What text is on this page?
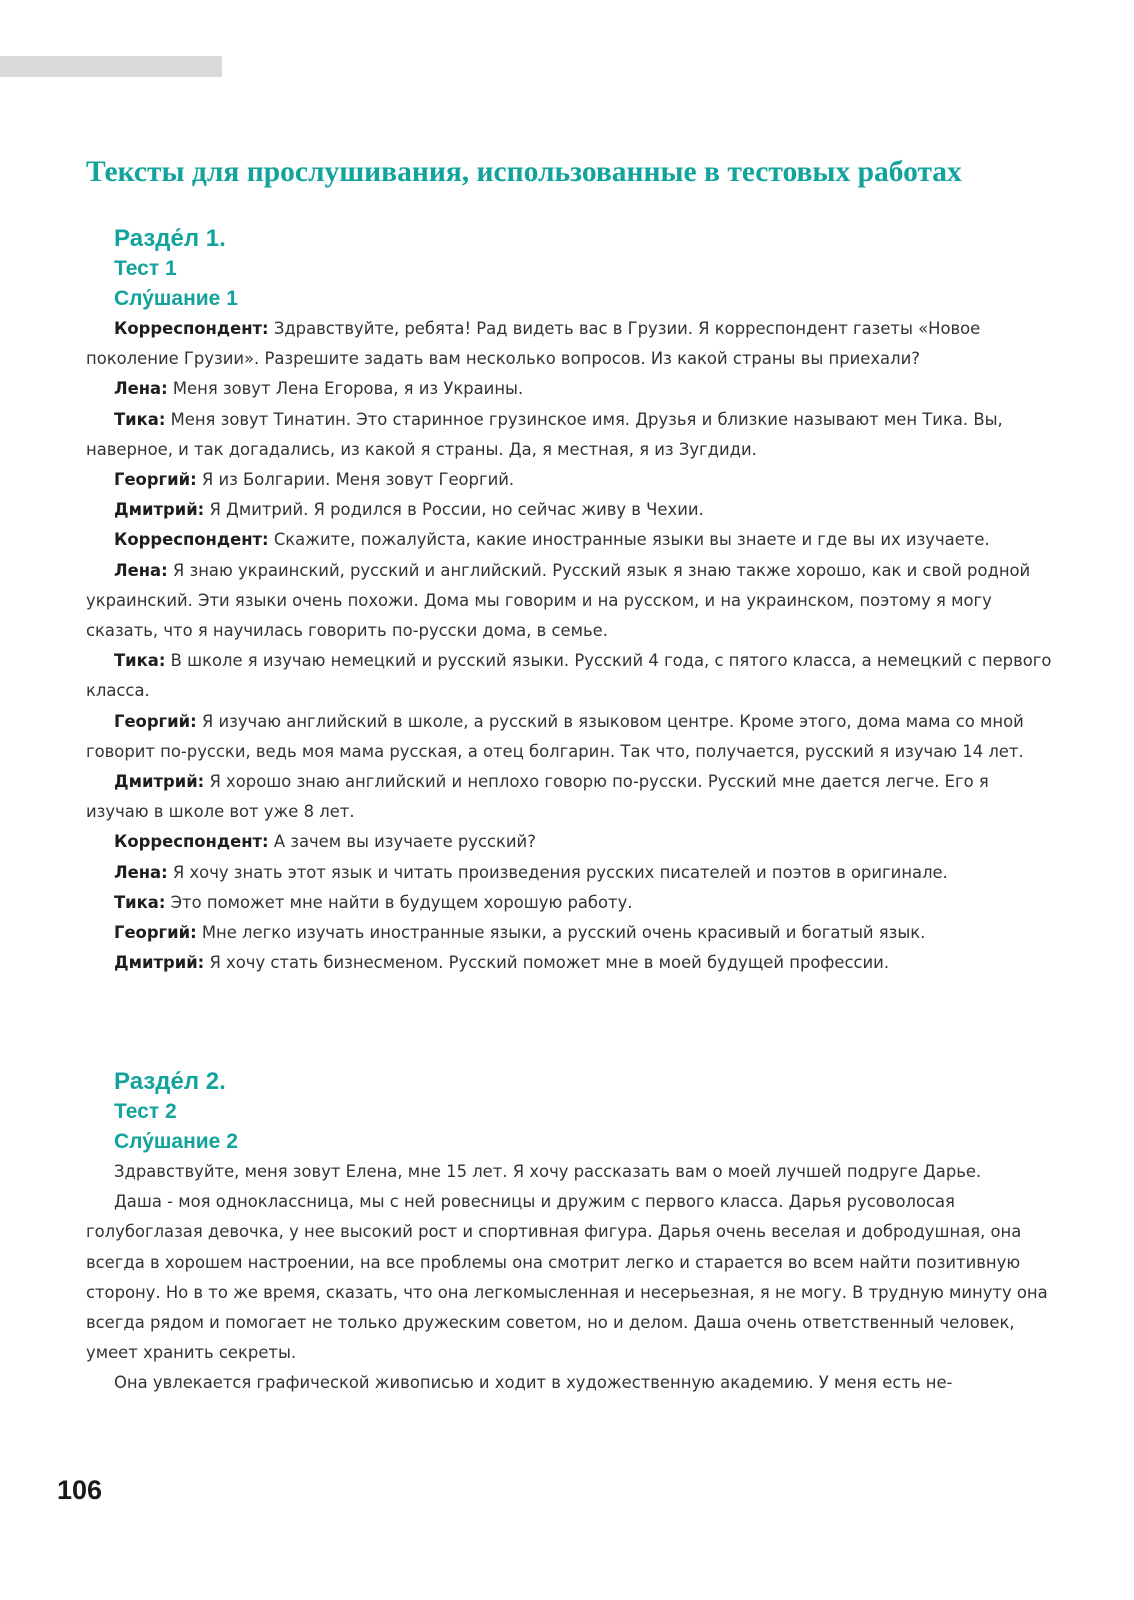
Тексты для прослушивания, использованные в тестовых работах
Разде́л 1.
Тест 1
Слу́шание 1

Корреспондент: Здравствуйте, ребята! Рад видеть вас в Грузии. Я корреспондент газеты «Новое поколение Грузии». Разрешите задать вам несколько вопросов. Из какой страны вы приехали?

Лена: Меня зовут Лена Егорова, я из Украины.

Тика: Меня зовут Тинатин. Это старинное грузинское имя. Друзья и близкие называют мен Тика. Вы, наверное, и так догадались, из какой я страны. Да, я местная, я из Зугдиди.

Георгий: Я из Болгарии. Меня зовут Георгий.

Дмитрий: Я Дмитрий. Я родился в России, но сейчас живу в Чехии.

Корреспондент: Скажите, пожалуйста, какие иностранные языки вы знаете и где вы их изучаете.

Лена: Я знаю украинский, русский и английский. Русский язык я знаю также хорошо, как и свой родной украинский. Эти языки очень похожи. Дома мы говорим и на русском, и на украинском, поэтому я могу сказать, что я научилась говорить по-русски дома, в семье.

Тика: В школе я изучаю немецкий и русский языки. Русский 4 года, с пятого класса, а немецкий с первого класса.

Георгий: Я изучаю английский в школе, а русский в языковом центре. Кроме этого, дома мама со мной говорит по-русски, ведь моя мама русская, а отец болгарин. Так что, получается, русский я изучаю 14 лет.

Дмитрий: Я хорошо знаю английский и неплохо говорю по-русски. Русский мне дается легче. Его я изучаю в школе вот уже 8 лет.

Корреспондент: А зачем вы изучаете русский?

Лена: Я хочу знать этот язык и читать произведения русских писателей и поэтов в оригинале.

Тика: Это поможет мне найти в будущем хорошую работу.

Георгий: Мне легко изучать иностранные языки, а русский очень красивый и богатый язык.

Дмитрий: Я хочу стать бизнесменом. Русский поможет мне в моей будущей профессии.

Разде́л 2.
Тест 2
Слу́шание 2

Здравствуйте, меня зовут Елена, мне 15 лет. Я хочу рассказать вам о моей лучшей подруге Дарье.

Даша - моя одноклассница, мы с ней ровесницы и дружим с первого класса. Дарья русоволосая голубоглазая девочка, у нее высокий рост и спортивная фигура. Дарья очень веселая и добродушная, она всегда в хорошем настроении, на все проблемы она смотрит легко и старается во всем найти позитивную сторону. Но в то же время, сказать, что она легкомысленная и несерьезная, я не могу. В трудную минуту она всегда рядом и помогает не только дружеским советом, но и делом. Даша очень ответственный человек, умеет хранить секреты.

Она увлекается графической живописью и ходит в художественную академию. У меня есть не-

106
